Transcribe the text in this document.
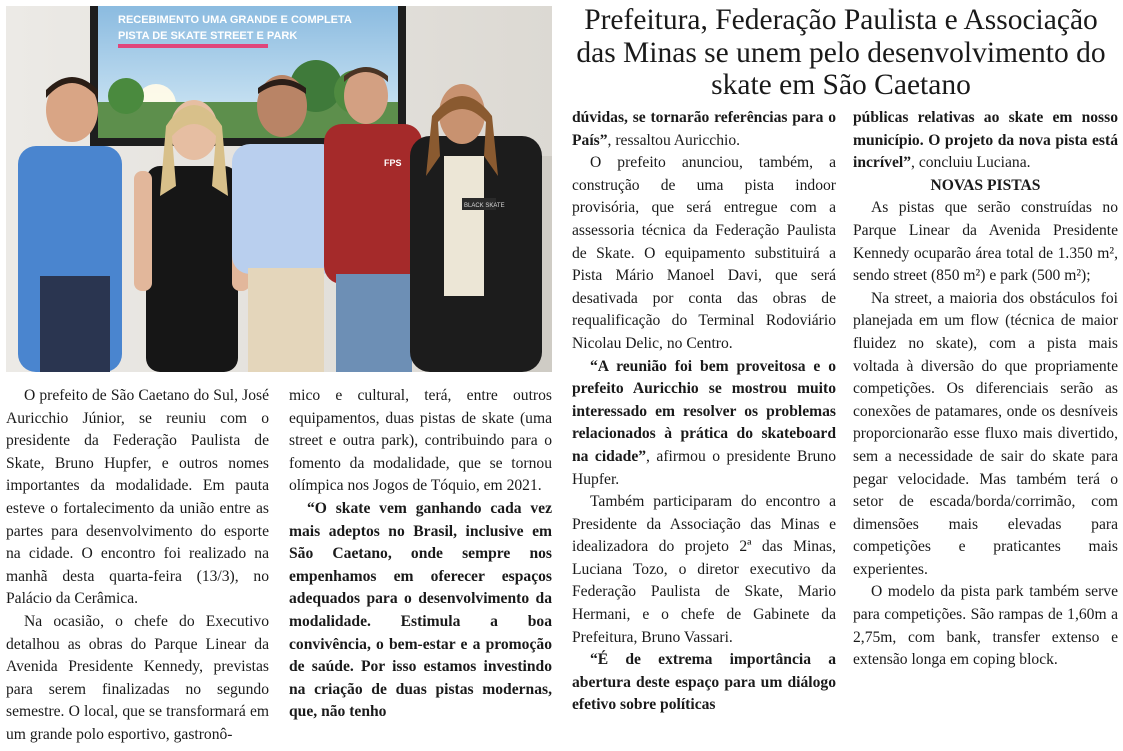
RECEBIMENTO UMA GRANDE E COMPLETA
PISTA DE SKATE STREET E PARK
FPS
BLACK SKATE
Prefeitura, Federação Paulista e Associação das Minas se unem pelo desenvolvimento do skate em São Caetano

O prefeito de São Caetano do Sul, José Auricchio Júnior, se reuniu com o presidente da Federação Paulista de Skate, Bruno Hupfer, e outros nomes importantes da modalidade. Em pauta esteve o fortalecimento da união entre as partes para desenvolvimento do esporte na cidade. O encontro foi realizado na manhã desta quarta-feira (13/3), no Palácio da Cerâmica.

Na ocasião, o chefe do Executivo detalhou as obras do Parque Linear da Avenida Presidente Kennedy, previstas para serem finalizadas no segundo semestre. O local, que se transformará em um grande polo esportivo, gastronô-

mico e cultural, terá, entre outros equipamentos, duas pistas de skate (uma street e outra park), contribuindo para o fomento da modalidade, que se tornou olímpica nos Jogos de Tóquio, em 2021.

“O skate vem ganhando cada vez mais adeptos no Brasil, inclusive em São Caetano, onde sempre nos empenhamos em oferecer espaços adequados para o desenvolvimento da modalidade. Estimula a boa convivência, o bem-estar e a promoção de saúde. Por isso estamos investindo na criação de duas pistas modernas, que, não tenho

dúvidas, se tornarão referências para o País”, ressaltou Auricchio.

O prefeito anunciou, também, a construção de uma pista indoor provisória, que será entregue com a assessoria técnica da Federação Paulista de Skate. O equipamento substituirá a Pista Mário Manoel Davi, que será desativada por conta das obras de requalificação do Terminal Rodoviário Nicolau Delic, no Centro.

“A reunião foi bem proveitosa e o prefeito Auricchio se mostrou muito interessado em resolver os problemas relacionados à prática do skateboard na cidade”, afirmou o presidente Bruno Hupfer.

Também participaram do encontro a Presidente da Associação das Minas e idealizadora do projeto 2ª das Minas, Luciana Tozo, o diretor executivo da Federação Paulista de Skate, Mario Hermani, e o chefe de Gabinete da Prefeitura, Bruno Vassari.

“É de extrema importância a abertura deste espaço para um diálogo efetivo sobre políticas

públicas relativas ao skate em nosso município. O projeto da nova pista está incrível”, concluiu Luciana.

NOVAS PISTAS

As pistas que serão construídas no Parque Linear da Avenida Presidente Kennedy ocuparão área total de 1.350 m², sendo street (850 m²) e park (500 m²);

Na street, a maioria dos obstáculos foi planejada em um flow (técnica de maior fluidez no skate), com a pista mais voltada à diversão do que propriamente competições. Os diferenciais serão as conexões de patamares, onde os desníveis proporcionarão esse fluxo mais divertido, sem a necessidade de sair do skate para pegar velocidade. Mas também terá o setor de escada/borda/corrimão, com dimensões mais elevadas para competições e praticantes mais experientes.

O modelo da pista park também serve para competições. São rampas de 1,60m a 2,75m, com bank, transfer extenso e extensão longa em coping block.
